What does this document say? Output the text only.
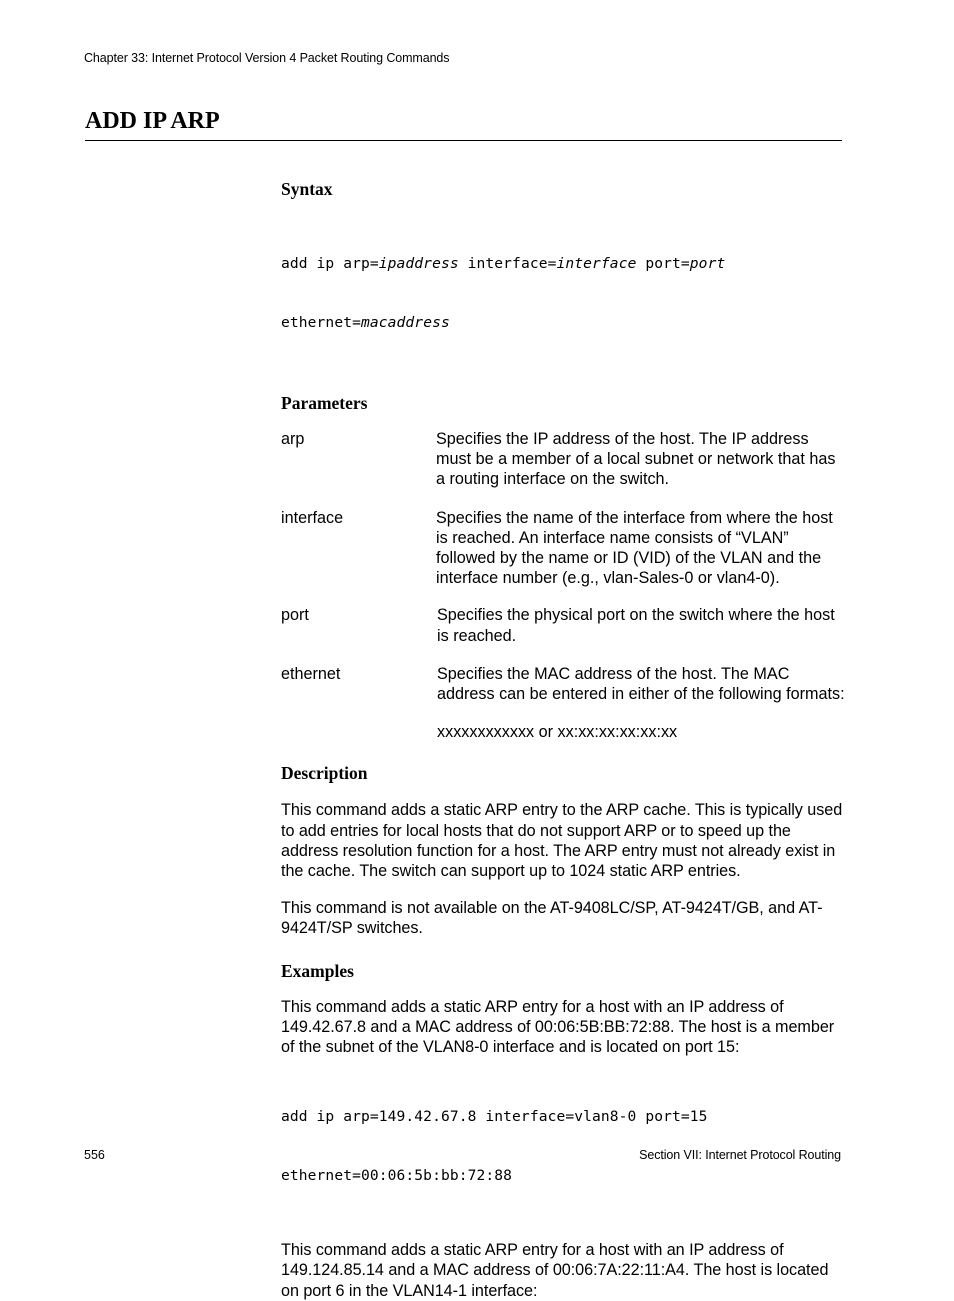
Chapter 33: Internet Protocol Version 4 Packet Routing Commands
ADD IP ARP
Syntax

add ip arp=ipaddress interface=interface port=port

ethernet=macaddress

Parameters
arp	Specifies the IP address of the host. The IP address must be a member of a local subnet or network that has a routing interface on the switch.
interface	Specifies the name of the interface from where the host is reached. An interface name consists of “VLAN” followed by the name or ID (VID) of the VLAN and the interface number (e.g., vlan-Sales-0 or vlan4-0).
port	Specifies the physical port on the switch where the host is reached.
ethernet	Specifies the MAC address of the host. The MAC address can be entered in either of the following formats:
xxxxxxxxxxxx or xx:xx:xx:xx:xx:xx
Description

This command adds a static ARP entry to the ARP cache. This is typically used to add entries for local hosts that do not support ARP or to speed up the address resolution function for a host. The ARP entry must not already exist in the cache. The switch can support up to 1024 static ARP entries.

This command is not available on the AT-9408LC/SP, AT-9424T/GB, and AT-9424T/SP switches.

Examples

This command adds a static ARP entry for a host with an IP address of 149.42.67.8 and a MAC address of 00:06:5B:BB:72:88. The host is a member of the subnet of the VLAN8-0 interface and is located on port 15:

add ip arp=149.42.67.8 interface=vlan8-0 port=15

ethernet=00:06:5b:bb:72:88

This command adds a static ARP entry for a host with an IP address of 149.124.85.14 and a MAC address of 00:06:7A:22:11:A4. The host is located on port 6 in the VLAN14-1 interface:

556	Section VII: Internet Protocol Routing
